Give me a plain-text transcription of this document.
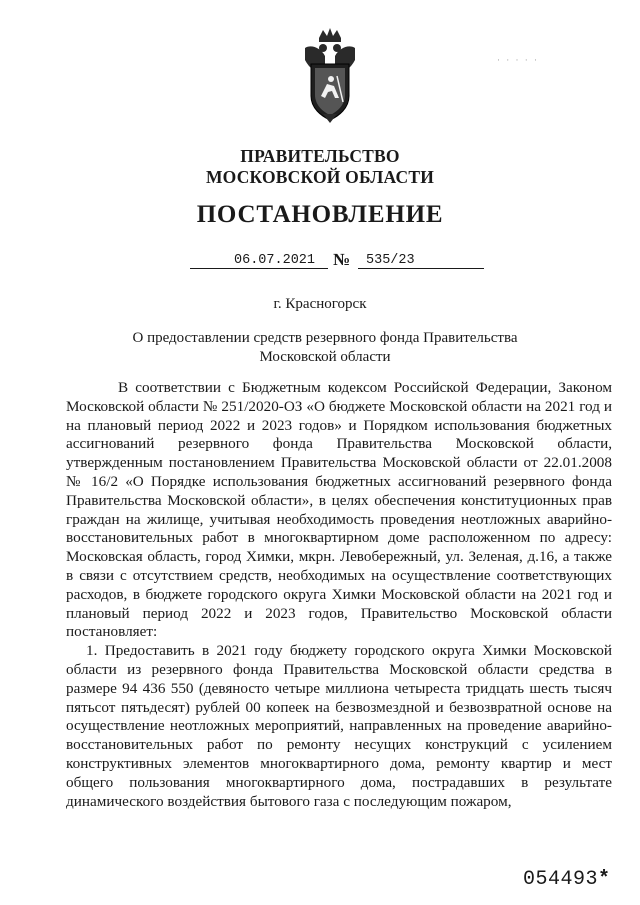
· · · · ·
ПРАВИТЕЛЬСТВО
МОСКОВСКОЙ ОБЛАСТИ
ПОСТАНОВЛЕНИЕ
06.07.2021 № 535/23
г. Красногорск
О предоставлении средств резервного фонда Правительства
Московской области

В соответствии с Бюджетным кодексом Российской Федерации, Законом Московской области № 251/2020-ОЗ «О бюджете Московской области на 2021 год и на плановый период 2022 и 2023 годов» и Порядком использования бюджетных ассигнований резервного фонда Правительства Московской области, утвержденным постановлением Правительства Московской области от 22.01.2008 № 16/2 «О Порядке использования бюджетных ассигнований резервного фонда Правительства Московской области», в целях обеспечения конституционных прав граждан на жилище, учитывая необходимость проведения неотложных аварийно-восстановительных работ в многоквартирном доме расположенном по адресу: Московская область, город Химки, мкрн. Левобережный, ул. Зеленая, д.16, а также в связи с отсутствием средств, необходимых на осуществление соответствующих расходов, в бюджете городского округа Химки Московской области на 2021 год и плановый период 2022 и 2023 годов, Правительство Московской области постановляет:

1. Предоставить в 2021 году бюджету городского округа Химки Московской области из резервного фонда Правительства Московской области средства в размере 94 436 550 (девяносто четыре миллиона четыреста тридцать шесть тысяч пятьсот пятьдесят) рублей 00 копеек на безвозмездной и безвозвратной основе на осуществление неотложных мероприятий, направленных на проведение аварийно-восстановительных работ по ремонту несущих конструкций с усилением конструктивных элементов многоквартирного дома, ремонту квартир и мест общего пользования многоквартирного дома, пострадавших в результате динамического воздействия бытового газа с последующим пожаром,

054493*
